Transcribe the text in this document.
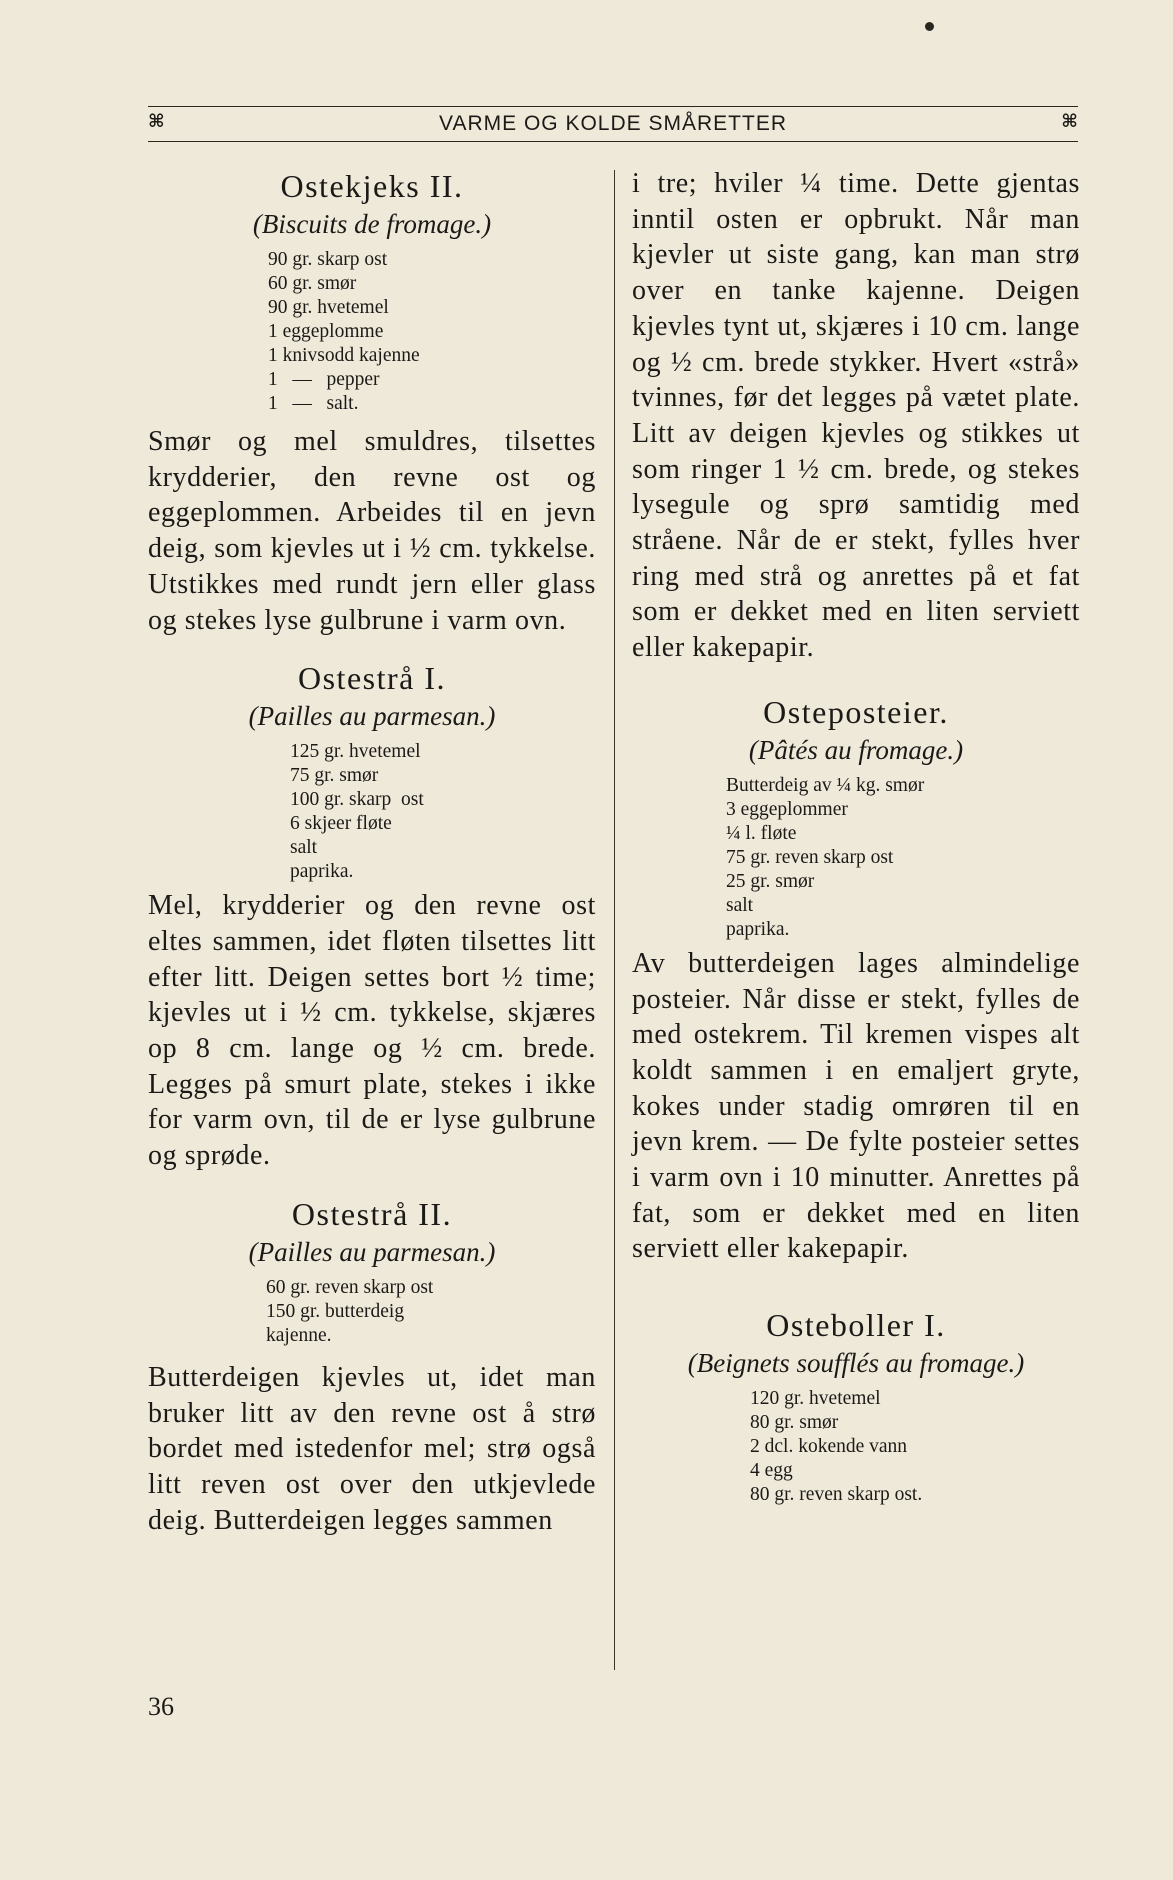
⌘	VARME OG KOLDE SMÅRETTER	⌘
Ostekjeks II.

(Biscuits de fromage.)

90 gr. skarp ost
60 gr. smør
90 gr. hvetemel
1 eggeplomme
1 knivsodd kajenne
1   —   pepper
1   —   salt.

Smør og mel smuldres, tilsettes krydderier, den revne ost og eggeplommen. Arbeides til en jevn deig, som kjevles ut i ½ cm. tykkelse. Utstikkes med rundt jern eller glass og stekes lyse gulbrune i varm ovn.

Ostestrå I.

(Pailles au parmesan.)

125 gr. hvetemel
75 gr. smør
100 gr. skarp  ost
6 skjeer fløte
salt
paprika.

Mel, krydderier og den revne ost eltes sammen, idet fløten tilsettes litt efter litt. Deigen settes bort ½ time; kjevles ut i ½ cm. tykkelse, skjæres op 8 cm. lange og ½ cm. brede. Legges på smurt plate, stekes i ikke for varm ovn, til de er lyse gulbrune og sprøde.

Ostestrå II.

(Pailles au parmesan.)

60 gr. reven skarp ost
150 gr. butterdeig
kajenne.

Butterdeigen kjevles ut, idet man bruker litt av den revne ost å strø bordet med istedenfor mel; strø også litt reven ost over den utkjevlede deig. Butterdeigen legges sammen

i tre; hviler ¼ time. Dette gjentas inntil osten er opbrukt. Når man kjevler ut siste gang, kan man strø over en tanke kajenne. Deigen kjevles tynt ut, skjæres i 10 cm. lange og ½ cm. brede stykker. Hvert «strå» tvinnes, før det legges på vætet plate. Litt av deigen kjevles og stikkes ut som ringer 1 ½ cm. brede, og stekes lysegule og sprø samtidig med stråene. Når de er stekt, fylles hver ring med strå og anrettes på et fat som er dekket med en liten serviett eller kakepapir.

Osteposteier.

(Pâtés au fromage.)

Butterdeig av ¼ kg. smør
3 eggeplommer
¼ l. fløte
75 gr. reven skarp ost
25 gr. smør
salt
paprika.

Av butterdeigen lages almindelige posteier. Når disse er stekt, fylles de med ostekrem. Til kremen vispes alt koldt sammen i en emaljert gryte, kokes under stadig omrøren til en jevn krem. — De fylte posteier settes i varm ovn i 10 minutter. Anrettes på fat, som er dekket med en liten serviett eller kakepapir.

Osteboller I.

(Beignets soufflés au fromage.)

120 gr. hvetemel
80 gr. smør
2 dcl. kokende vann
4 egg
80 gr. reven skarp ost.
36
